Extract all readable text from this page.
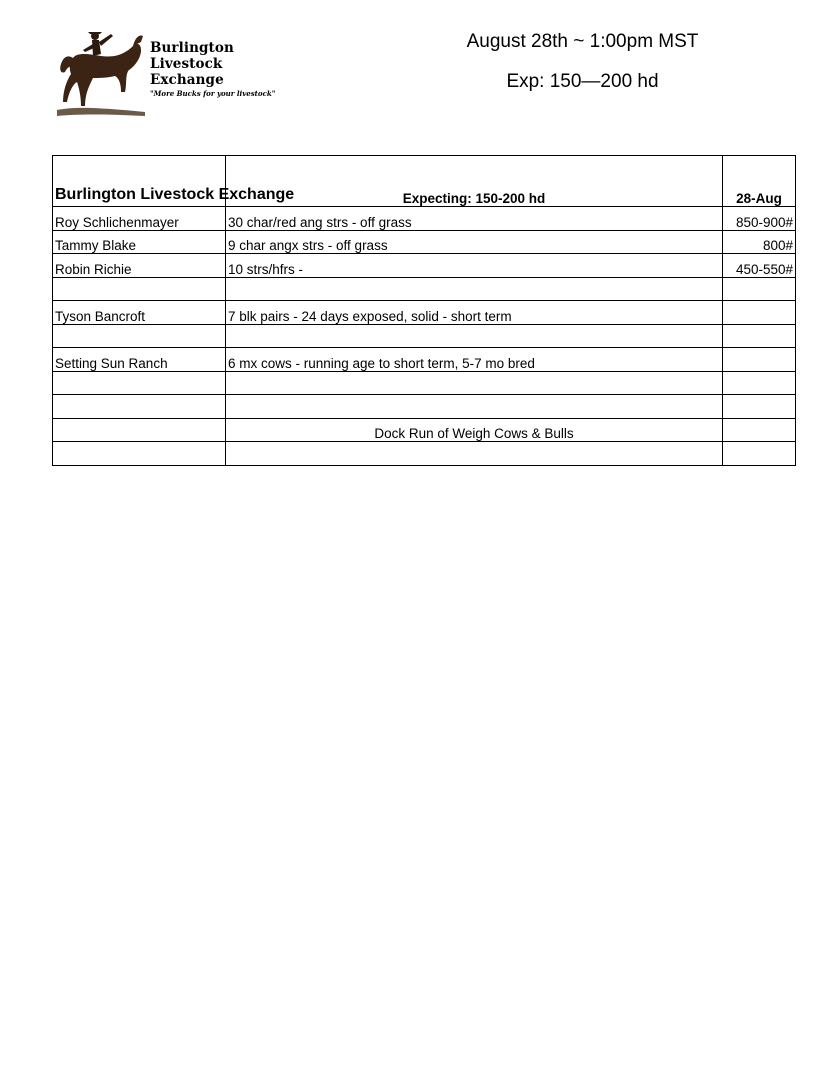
Burlington
Livestock
Exchange
"More Bucks for your livestock"
August 28th ~ 1:00pm MST
Exp: 150—200 hd
Burlington Livestock Exchange	Expecting: 150-200 hd	28-Aug
Roy Schlichenmayer	30 char/red ang strs - off grass	850-900#
Tammy Blake	9 char angx strs - off grass	800#
Robin Richie	10 strs/hfrs -	450-550#

Tyson Bancroft	7 blk pairs - 24 days exposed, solid - short term	

Setting Sun Ranch	6 mx cows - running age to short term, 5-7 mo bred	

	Dock Run of Weigh Cows & Bulls	
